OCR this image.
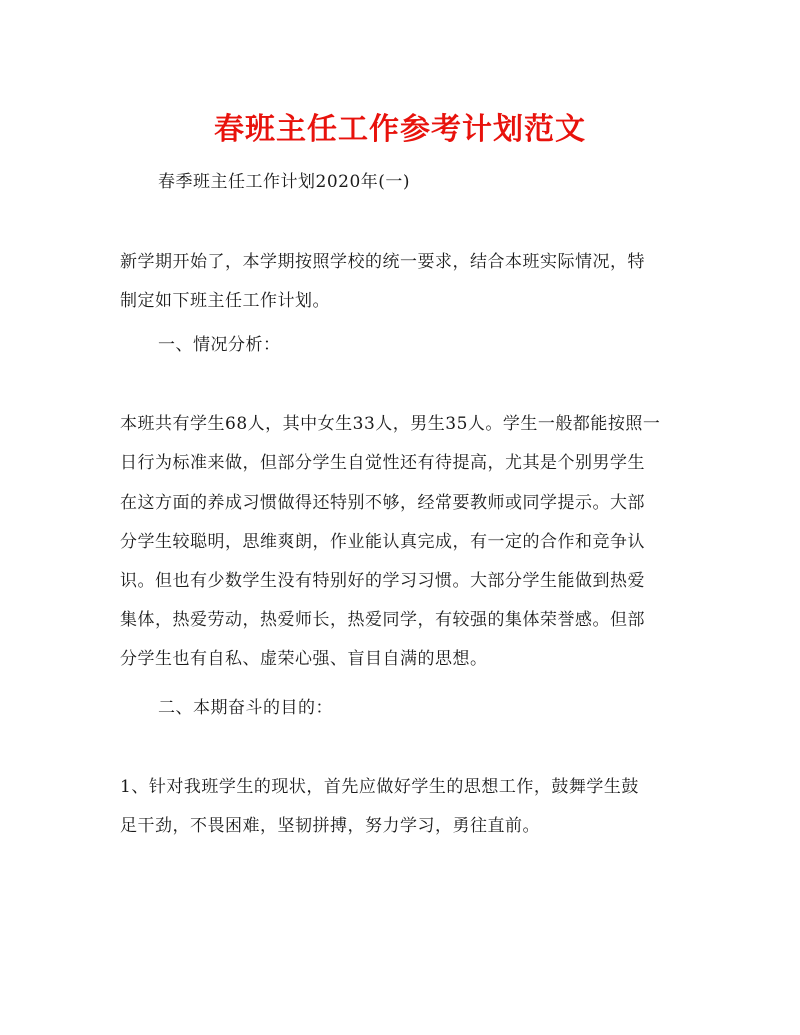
春班主任工作参考计划范文
春季班主任工作计划2020年(一)
新学期开始了，本学期按照学校的统一要求，结合本班实际情况，特
制定如下班主任工作计划。
一、情况分析：
本班共有学生68人，其中女生33人，男生35人。学生一般都能按照一
日行为标准来做，但部分学生自觉性还有待提高，尤其是个别男学生
在这方面的养成习惯做得还特别不够，经常要教师或同学提示。大部
分学生较聪明，思维爽朗，作业能认真完成，有一定的合作和竞争认
识。但也有少数学生没有特别好的学习习惯。大部分学生能做到热爱
集体，热爱劳动，热爱师长，热爱同学，有较强的集体荣誉感。但部
分学生也有自私、虚荣心强、盲目自满的思想。
二、本期奋斗的目的：
1、针对我班学生的现状，首先应做好学生的思想工作，鼓舞学生鼓
足干劲，不畏困难，坚韧拼搏，努力学习，勇往直前。
